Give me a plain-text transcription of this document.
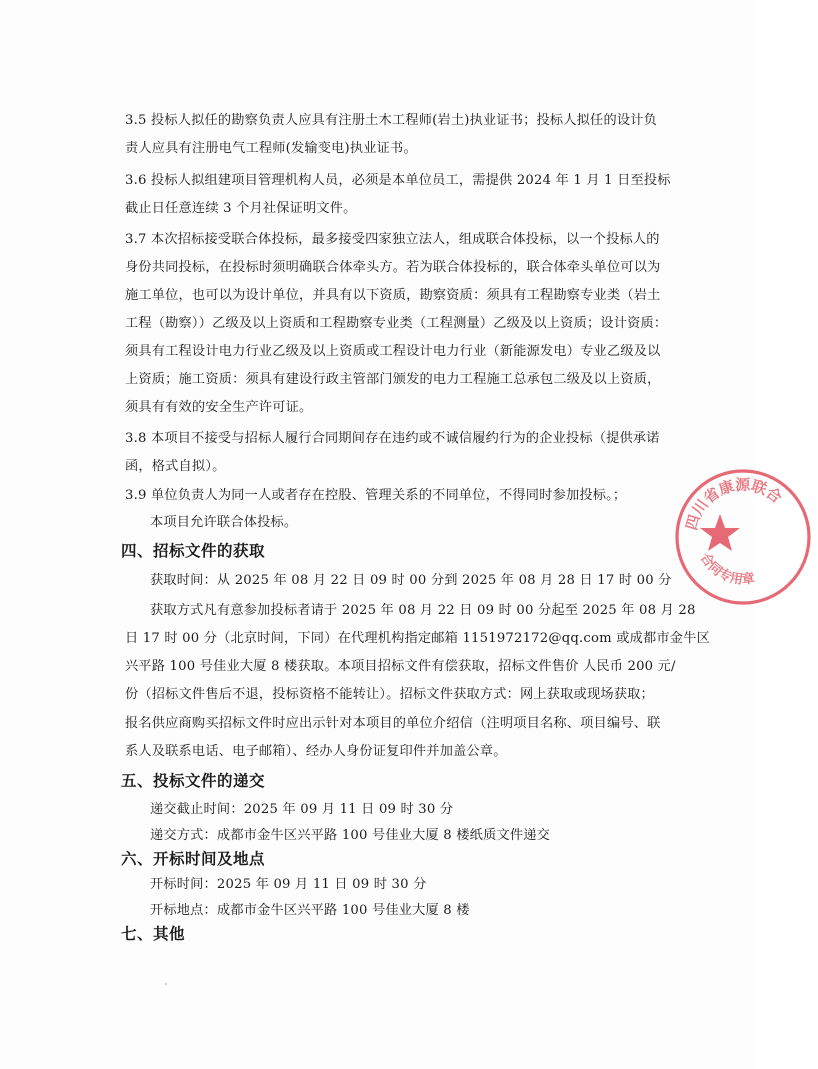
3.5 投标人拟任的勘察负责人应具有注册土木工程师(岩土)执业证书；投标人拟任的设计负
责人应具有注册电气工程师(发输变电)执业证书。
3.6 投标人拟组建项目管理机构人员，必须是本单位员工，需提供 2024 年 1 月 1 日至投标
截止日任意连续 3 个月社保证明文件。
3.7 本次招标接受联合体投标，最多接受四家独立法人，组成联合体投标，以一个投标人的
身份共同投标，在投标时须明确联合体牵头方。若为联合体投标的，联合体牵头单位可以为
施工单位，也可以为设计单位，并具有以下资质，勘察资质：须具有工程勘察专业类（岩土
工程（勘察））乙级及以上资质和工程勘察专业类（工程测量）乙级及以上资质；设计资质：
须具有工程设计电力行业乙级及以上资质或工程设计电力行业（新能源发电）专业乙级及以
上资质；施工资质：须具有建设行政主管部门颁发的电力工程施工总承包二级及以上资质，
须具有有效的安全生产许可证。
3.8 本项目不接受与招标人履行合同期间存在违约或不诚信履约行为的企业投标（提供承诺
函，格式自拟）。
3.9 单位负责人为同一人或者存在控股、管理关系的不同单位，不得同时参加投标。；
本项目允许联合体投标。
四、招标文件的获取
获取时间：从 2025 年 08 月 22 日 09 时 00 分到 2025 年 08 月 28 日 17 时 00 分
获取方式凡有意参加投标者请于 2025 年 08 月 22 日 09 时 00 分起至 2025 年 08 月 28
日 17 时 00 分（北京时间，下同）在代理机构指定邮箱 1151972172@qq.com 或成都市金牛区
兴平路 100 号佳业大厦 8 楼获取。本项目招标文件有偿获取，招标文件售价 人民币 200 元/
份（招标文件售后不退，投标资格不能转让）。招标文件获取方式：网上获取或现场获取；
报名供应商购买招标文件时应出示针对本项目的单位介绍信（注明项目名称、项目编号、联
系人及联系电话、电子邮箱）、经办人身份证复印件并加盖公章。
五、投标文件的递交
递交截止时间：2025 年 09 月 11 日 09 时 30 分
递交方式：成都市金牛区兴平路 100 号佳业大厦 8 楼纸质文件递交
六、开标时间及地点
开标时间：2025 年 09 月 11 日 09 时 30 分
开标地点：成都市金牛区兴平路 100 号佳业大厦 8 楼
七、其他
四川省康源联合
合同专用章
